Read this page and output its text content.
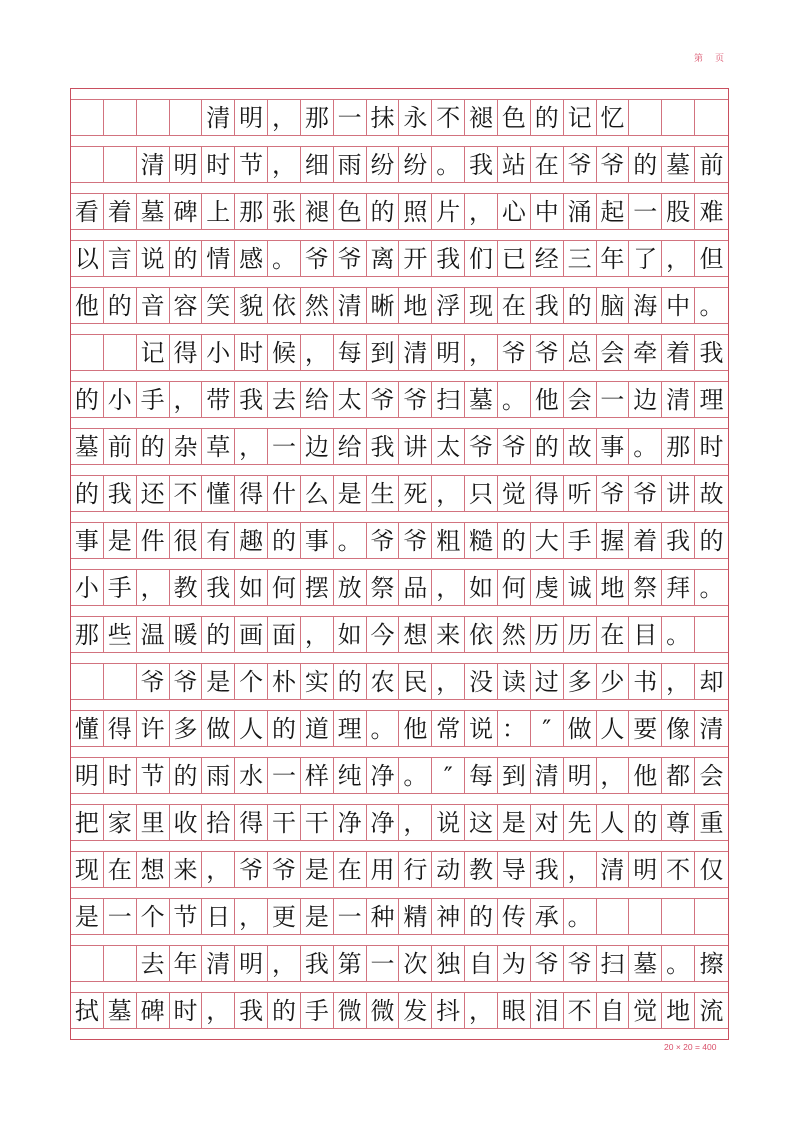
第 页
清 明 ， 那 一 抹 永 不 褪 色 的 记 忆
清 明 时 节 ， 细 雨 纷 纷 。 我 站 在 爷 爷 的 墓 前
看 着 墓 碑 上 那 张 褪 色 的 照 片 ， 心 中 涌 起 一 股 难
以 言 说 的 情 感 。 爷 爷 离 开 我 们 已 经 三 年 了 ， 但
他 的 音 容 笑 貌 依 然 清 晰 地 浮 现 在 我 的 脑 海 中 。
记 得 小 时 候 ， 每 到 清 明 ， 爷 爷 总 会 牵 着 我
的 小 手 ， 带 我 去 给 太 爷 爷 扫 墓 。 他 会 一 边 清 理
墓 前 的 杂 草 ， 一 边 给 我 讲 太 爷 爷 的 故 事 。 那 时
的 我 还 不 懂 得 什 么 是 生 死 ， 只 觉 得 听 爷 爷 讲 故
事 是 件 很 有 趣 的 事 。 爷 爷 粗 糙 的 大 手 握 着 我 的
小 手 ， 教 我 如 何 摆 放 祭 品 ， 如 何 虔 诚 地 祭 拜 。
那 些 温 暖 的 画 面 ， 如 今 想 来 依 然 历 历 在 目 。
爷 爷 是 个 朴 实 的 农 民 ， 没 读 过 多 少 书 ， 却
懂 得 许 多 做 人 的 道 理 。 他 常 说 ： ″ 做 人 要 像 清
明 时 节 的 雨 水 一 样 纯 净 。 ″ 每 到 清 明 ， 他 都 会
把 家 里 收 拾 得 干 干 净 净 ， 说 这 是 对 先 人 的 尊 重
现 在 想 来 ， 爷 爷 是 在 用 行 动 教 导 我 ， 清 明 不 仅
是 一 个 节 日 ， 更 是 一 种 精 神 的 传 承 。
去 年 清 明 ， 我 第 一 次 独 自 为 爷 爷 扫 墓 。 擦
拭 墓 碑 时 ， 我 的 手 微 微 发 抖 ， 眼 泪 不 自 觉 地 流
20 × 20 = 400
